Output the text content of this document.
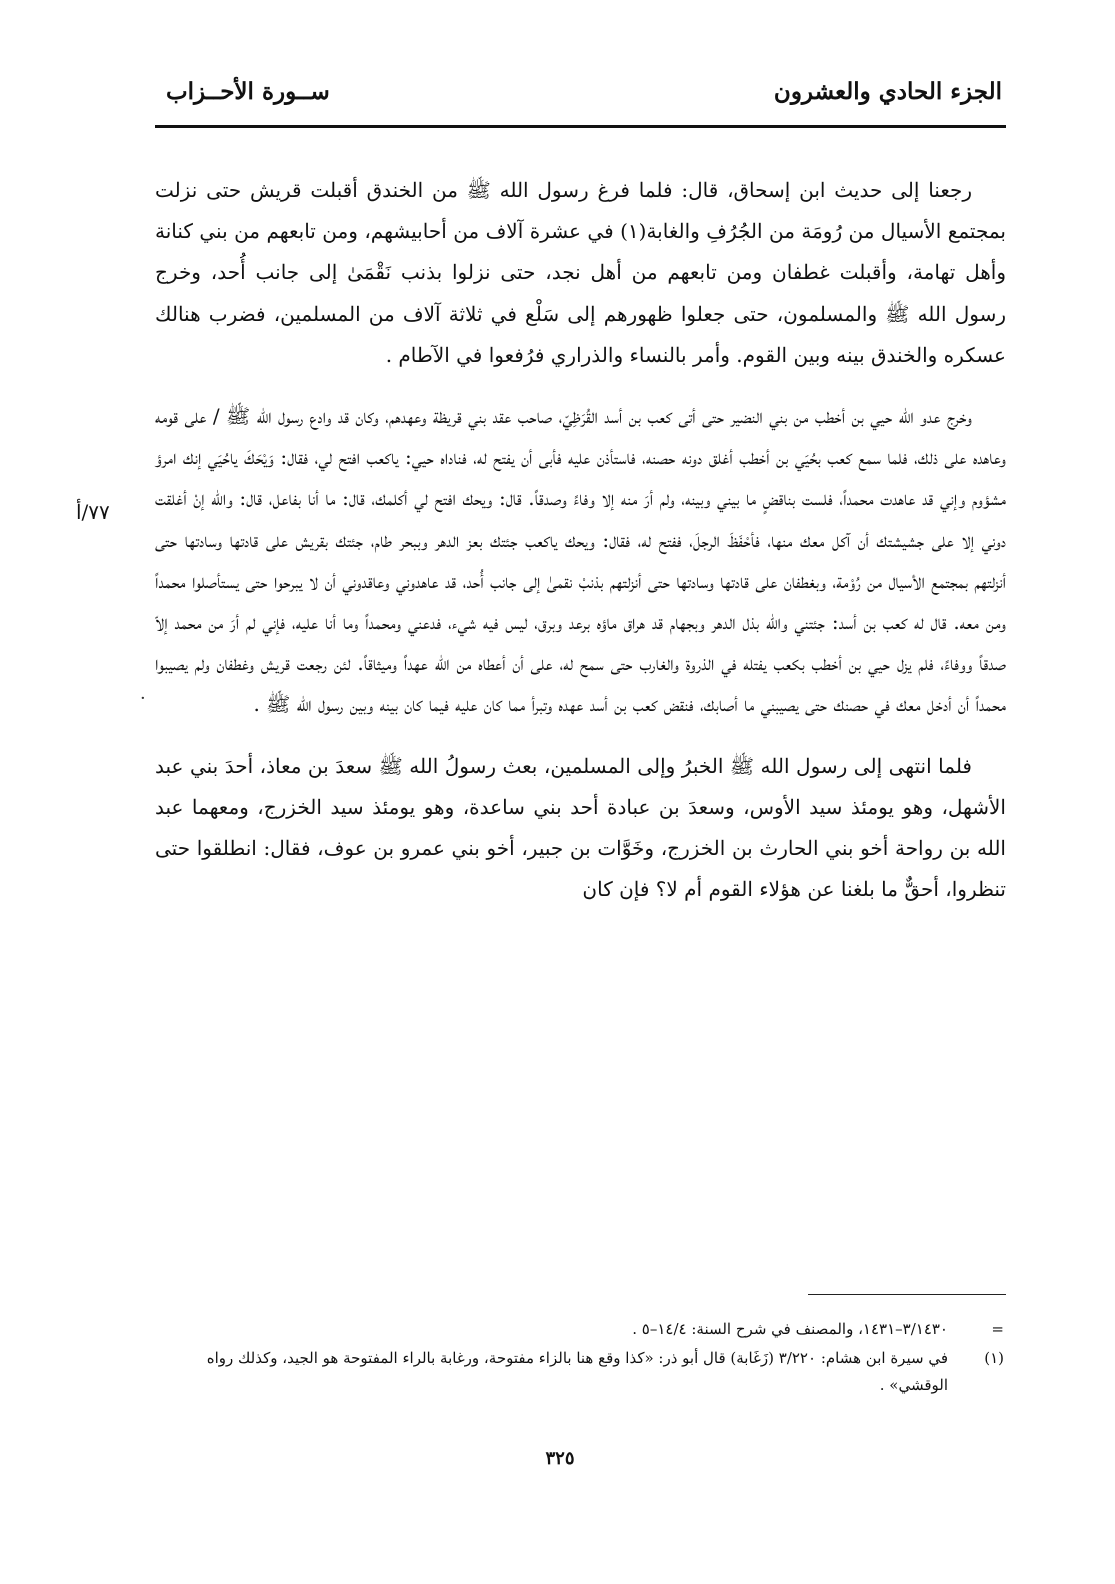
الجزء الحادي والعشرون
ســورة الأحــزاب

رجعنا إلى حديث ابن إسحاق، قال: فلما فرغ رسول الله ﷺ من الخندق أقبلت قريش حتى نزلت بمجتمع الأسيال من رُومَة من الجُرُفِ والغابة(١) في عشرة آلاف من أحابيشهم، ومن تابعهم من بني كنانة وأهل تهامة، وأقبلت غطفان ومن تابعهم من أهل نجد، حتى نزلوا بذنب نَقْمَىٰ إلى جانب أُحد، وخرج رسول الله ﷺ والمسلمون، حتى جعلوا ظهورهم إلى سَلْع في ثلاثة آلاف من المسلمين، فضرب هنالك عسكره والخندق بينه وبين القوم. وأمر بالنساء والذراري فرُفعوا في الآطام .

وخرج عدو الله حيي بن أخطب من بني النضير حتى أتى كعب بن أسد القُرَظِيّ، صاحب عقد بني قريظة وعهدهم، وكان قد وادع رسول الله ﷺ / على قومه وعاهده على ذلك، فلما سمع كعب بحُيَي بن أخطب أغلق دونه حصنه، فاستأذن عليه فأبى أن يفتح له، فناداه حيي: ياكعب افتح لي، فقال: وَيْحَكَ ياحُيَي إنك امرؤ مشؤوم وإني قد عاهدت محمداً، فلست بناقضٍ ما بيني وبينه، ولم أرَ منه إلا وفاءً وصدقاً. قال: ويحك افتح لي أكلمك، قال: ما أنا بفاعل، قال: والله إنْ أغلقت دوني إلا على جشيشتك أن آكل معك منها، فأحْفَظَ الرجلَ، ففتح له، فقال: ويحك ياكعب جئتك بعز الدهر وببحر طام، جئتك بقريش على قادتها وسادتها حتى أنزلتهم بمجتمع الأسيال من رُوْمة، وبغطفان على قادتها وسادتها حتى أنزلتهم بذنبْ نقمىٰ إلى جانب أُحد، قد عاهدوني وعاقدوني أن لا يبرحوا حتى يستأصلوا محمداً ومن معه. قال له كعب بن أسد: جئتني والله بذل الدهر وبجهام قد هراق ماؤه برعد وبرق، ليس فيه شيء، فدعني ومحمداً وما أنا عليه، فإني لم أرَ من محمد إلاّ صدقاً ووفاءً، فلم يزل حيي بن أخطب بكعب يفتله في الذروة والغارب حتى سمح له، على أن أعطاه من الله عهداً وميثاقاً. لئن رجعت قريش وغطفان ولم يصيبوا محمداً أن أدخل معك في حصنك حتى يصيبني ما أصابك، فنقض كعب بن أسد عهده وتبرأ مما كان عليه فيما كان بينه وبين رسول الله ﷺ .

فلما انتهى إلى رسول الله ﷺ الخبرُ وإلى المسلمين، بعث رسولُ الله ﷺ سعدَ بن معاذ، أحدَ بني عبد الأشهل، وهو يومئذ سيد الأوس، وسعدَ بن عبادة أحد بني ساعدة، وهو يومئذ سيد الخزرج، ومعهما عبد الله بن رواحة أخو بني الحارث بن الخزرج، وخَوَّات بن جبير، أخو بني عمرو بن عوف، فقال: انطلقوا حتى تنظروا، أحقٌّ ما بلغنا عن هؤلاء القوم أم لا؟ فإن كان

٧٧/أ
·
=
٣/١٤٣٠–١٤٣١، والمصنف في شرح السنة: ١٤/٤–٥ .
(١)
في سيرة ابن هشام: ٣/٢٢٠ (زَغَابة) قال أبو ذر: «كذا وقع هنا بالزاء مفتوحة، ورغابة بالراء المفتوحة هو الجيد، وكذلك رواه الوقشي» .
٣٢٥
